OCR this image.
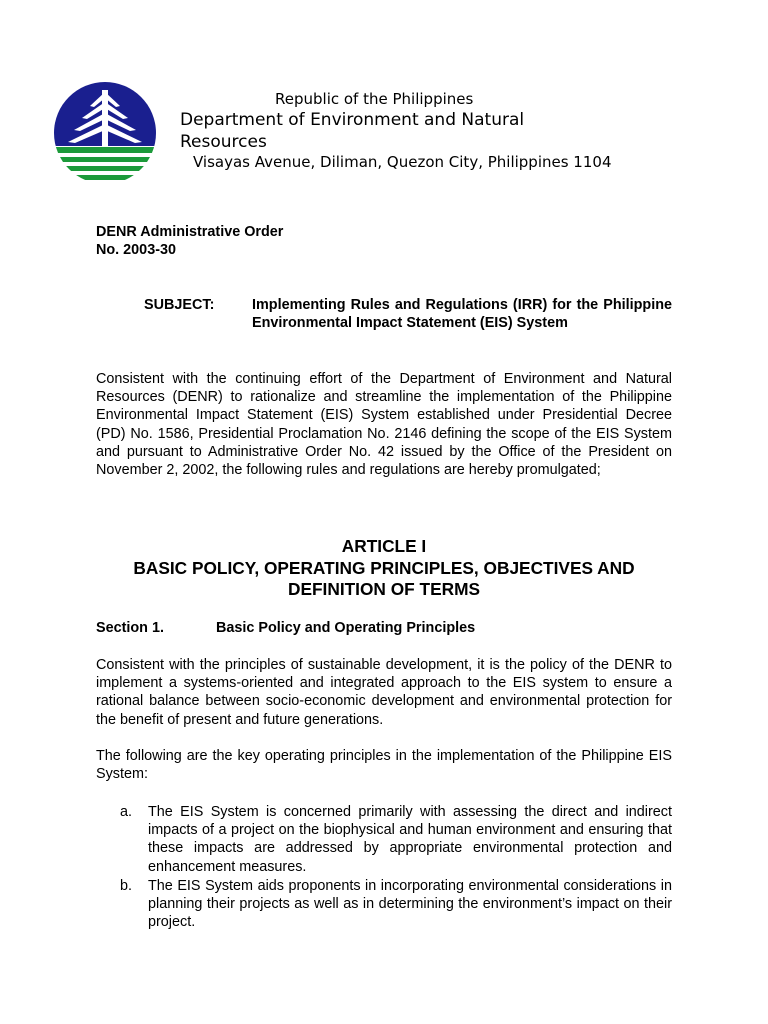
Republic of the Philippines
Department of Environment and Natural
Resources
Visayas Avenue, Diliman, Quezon City, Philippines 1104
DENR Administrative Order
No. 2003-30
SUBJECT:	Implementing Rules and Regulations (IRR) for the Philippine Environmental Impact Statement (EIS) System
Consistent with the continuing effort of the Department of Environment and Natural Resources (DENR) to rationalize and streamline the implementation of the Philippine Environmental Impact Statement (EIS) System established under Presidential Decree (PD) No. 1586, Presidential Proclamation No. 2146 defining the scope of the EIS System and pursuant to Administrative Order No. 42 issued by the Office of the President on November 2, 2002, the following rules and regulations are hereby promulgated;
ARTICLE I
BASIC POLICY, OPERATING PRINCIPLES, OBJECTIVES AND DEFINITION OF TERMS
Section 1.	Basic Policy and Operating Principles
Consistent with the principles of sustainable development, it is the policy of the DENR to implement a systems-oriented and integrated approach to the EIS system to ensure a rational balance between socio-economic development and environmental protection for the benefit of present and future generations.
The following are the key operating principles in the implementation of the Philippine EIS System:
a. The EIS System is concerned primarily with assessing the direct and indirect impacts of a project on the biophysical and human environment and ensuring that these impacts are addressed by appropriate environmental protection and enhancement measures.
b. The EIS System aids proponents in incorporating environmental considerations in planning their projects as well as in determining the environment’s impact on their project.
